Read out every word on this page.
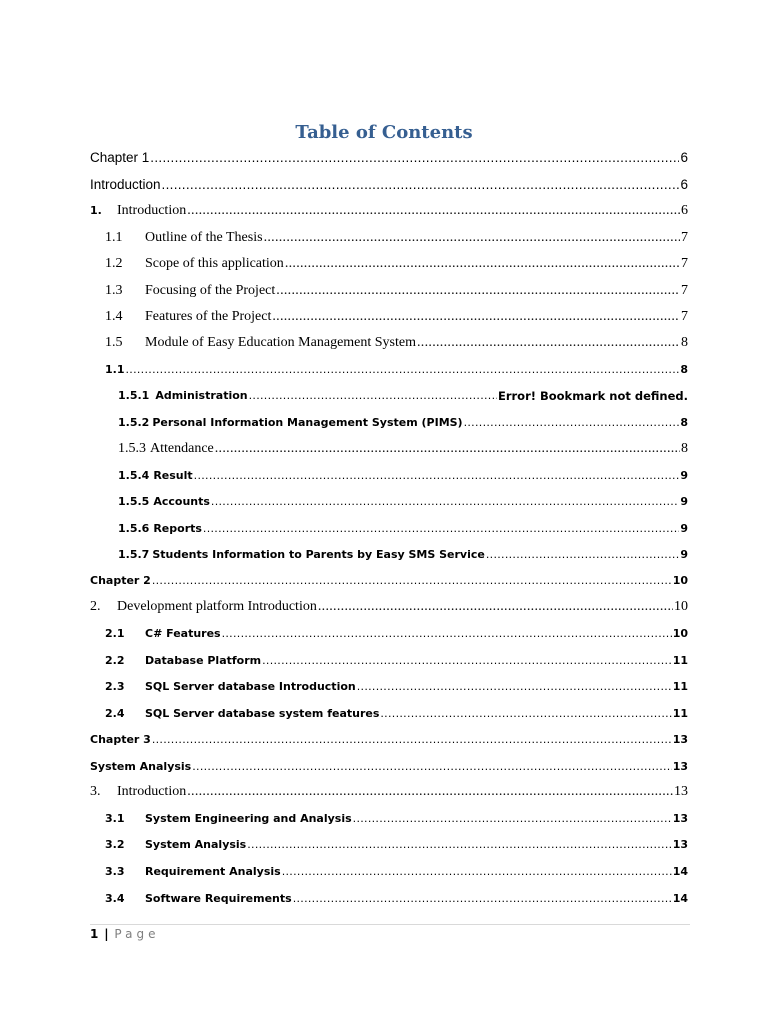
Table of Contents
Chapter 1 .....	6
Introduction .....	6
1.	Introduction .....	6
1.1	Outline of the Thesis .....	7
1.2	Scope of this application .....	7
1.3	Focusing of the Project .....	7
1.4	Features of the Project .....	7
1.5	Module of Easy Education Management System .....	8
1.1 .....	8
1.5.1 Administration .....	Error! Bookmark not defined.
1.5.2 Personal Information Management System (PIMS) .....	8
1.5.3 Attendance .....	8
1.5.4 Result .....	9
1.5.5 Accounts .....	9
1.5.6 Reports .....	9
1.5.7 Students Information to Parents by Easy SMS Service .....	9
Chapter 2 .....	10
2.	Development platform Introduction .....	10
2.1	C# Features .....	10
2.2	Database Platform .....	11
2.3	SQL Server database Introduction .....	11
2.4	SQL Server database system features .....	11
Chapter 3 .....	13
System Analysis .....	13
3.	Introduction .....	13
3.1	System Engineering and Analysis .....	13
3.2	System Analysis .....	13
3.3	Requirement Analysis .....	14
3.4	Software Requirements .....	14
1 | Page
